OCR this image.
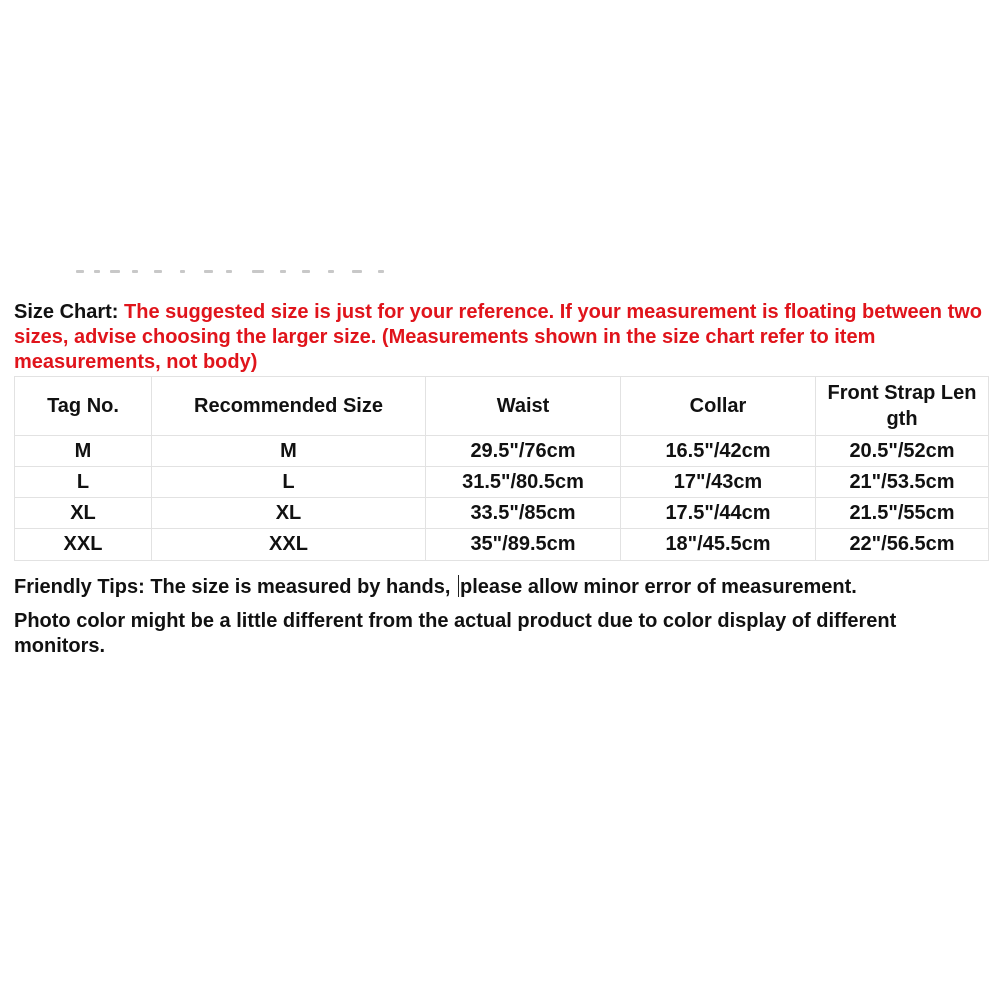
Size Chart: The suggested size is just for your reference. If your measurement is floating between two sizes, advise choosing the larger size. (Measurements shown in the size chart refer to item measurements, not body)
Tag No.	Recommended Size	Waist	Collar	Front Strap Len gth
M	M	29.5"/76cm	16.5"/42cm	20.5"/52cm
L	L	31.5"/80.5cm	17"/43cm	21"/53.5cm
XL	XL	33.5"/85cm	17.5"/44cm	21.5"/55cm
XXL	XXL	35"/89.5cm	18"/45.5cm	22"/56.5cm

Friendly Tips: The size is measured by hands, please allow minor error of measurement.

Photo color might be a little different from the actual product due to color display of different monitors.
